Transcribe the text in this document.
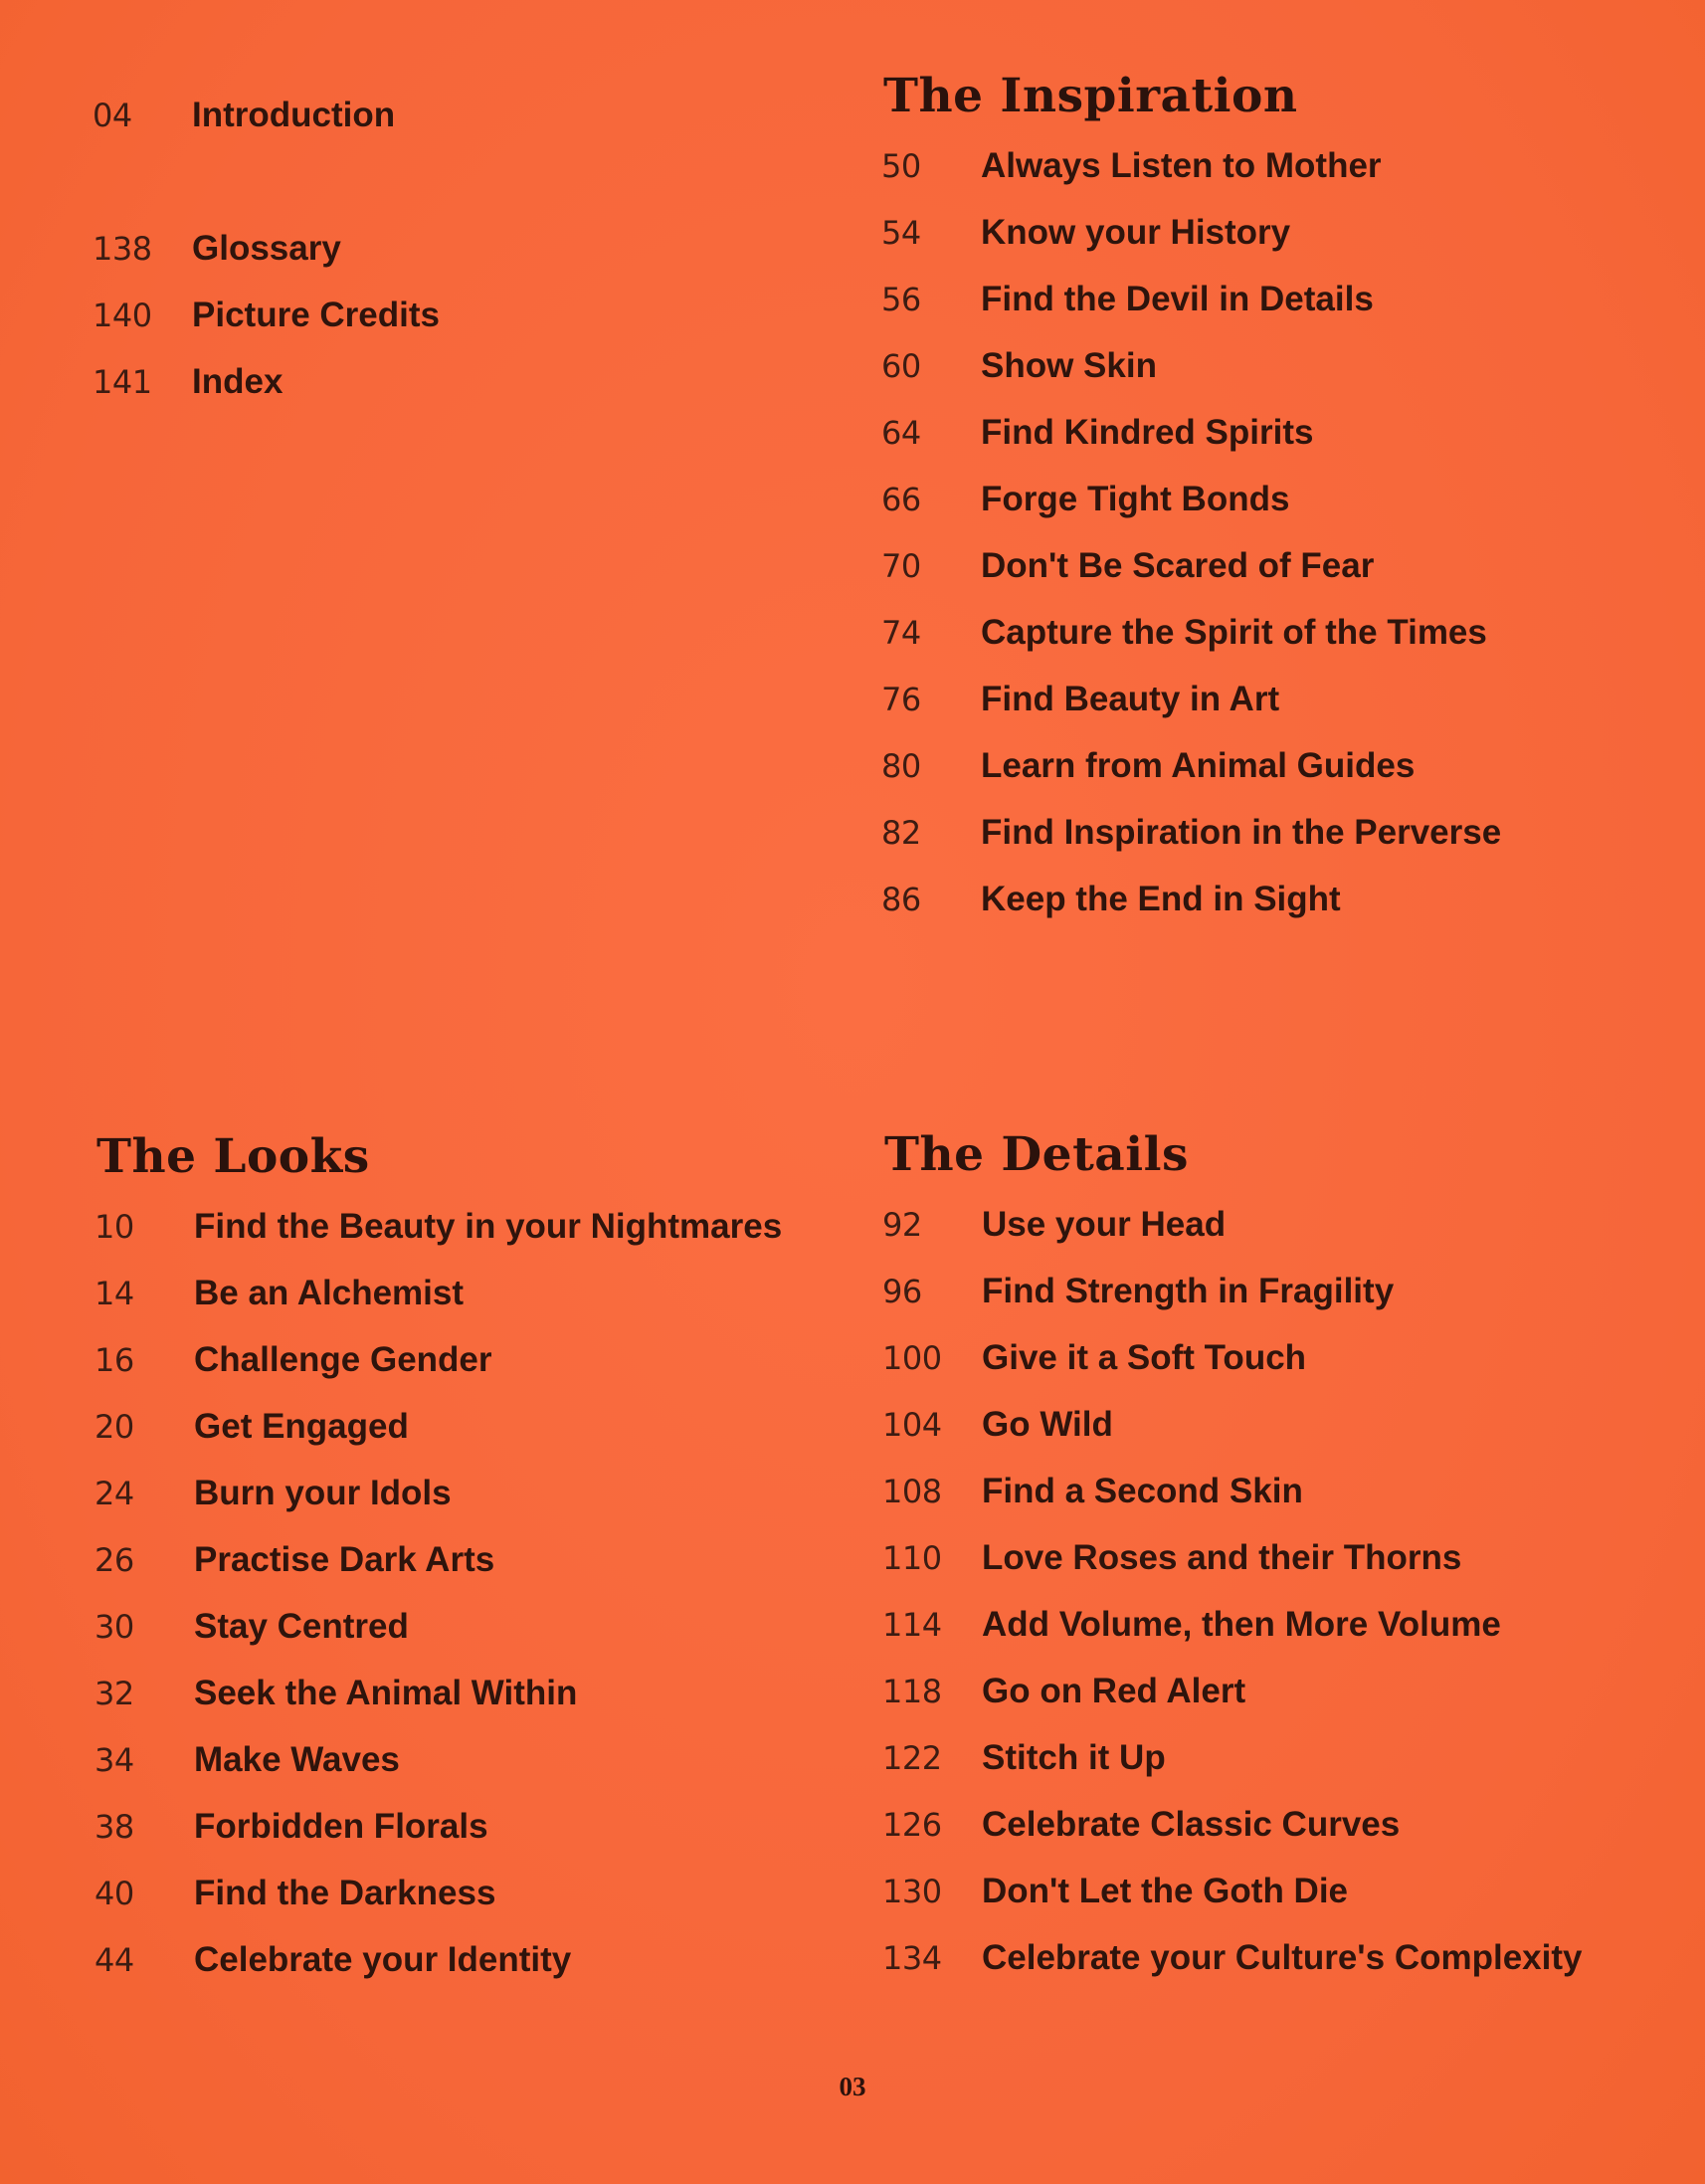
04	Introduction
138	Glossary
140	Picture Credits
141	Index
The Inspiration
50	Always Listen to Mother
54	Know your History
56	Find the Devil in Details
60	Show Skin
64	Find Kindred Spirits
66	Forge Tight Bonds
70	Don't Be Scared of Fear
74	Capture the Spirit of the Times
76	Find Beauty in Art
80	Learn from Animal Guides
82	Find Inspiration in the Perverse
86	Keep the End in Sight
The Looks
10	Find the Beauty in your Nightmares
14	Be an Alchemist
16	Challenge Gender
20	Get Engaged
24	Burn your Idols
26	Practise Dark Arts
30	Stay Centred
32	Seek the Animal Within
34	Make Waves
38	Forbidden Florals
40	Find the Darkness
44	Celebrate your Identity
The Details
92	Use your Head
96	Find Strength in Fragility
100	Give it a Soft Touch
104	Go Wild
108	Find a Second Skin
110	Love Roses and their Thorns
114	Add Volume, then More Volume
118	Go on Red Alert
122	Stitch it Up
126	Celebrate Classic Curves
130	Don't Let the Goth Die
134	Celebrate your Culture's Complexity
03
